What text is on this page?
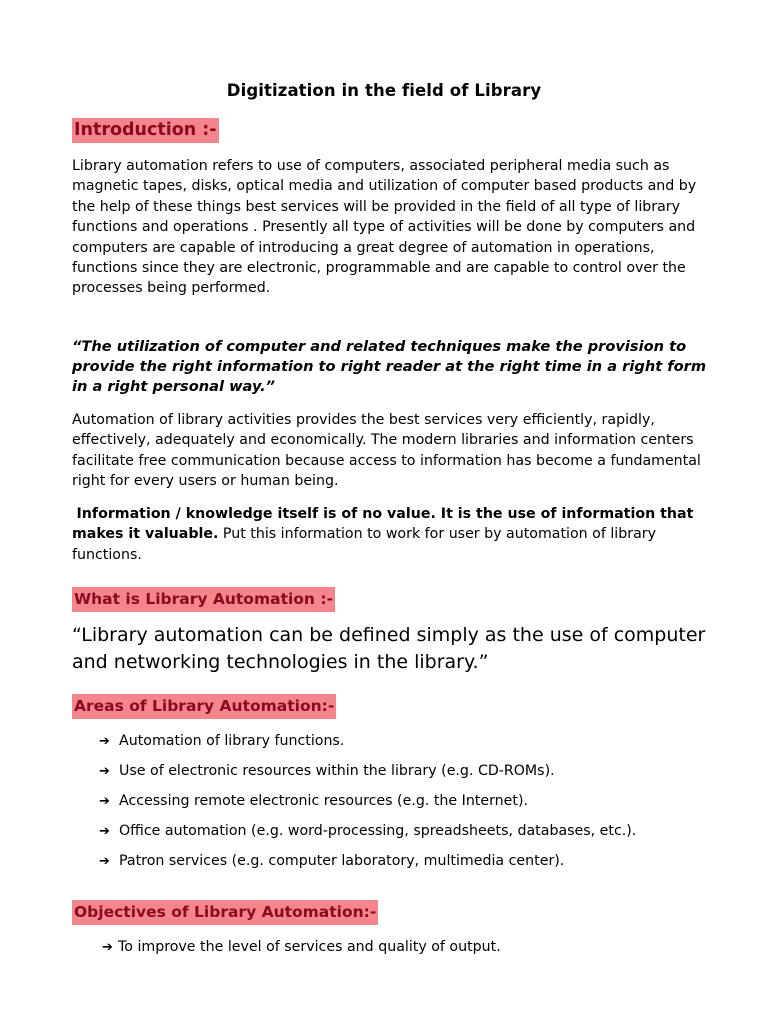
Digitization in the field of Library
Introduction :-

Library automation refers to use of computers, associated peripheral media such as magnetic tapes, disks, optical media and utilization of computer based products and by the help of these things best services will be provided in the field of all type of library functions and operations . Presently all type of activities will be done by computers and computers are capable of introducing a great degree of automation in operations, functions since they are electronic, programmable and are capable to control over the processes being performed.

“The utilization of computer and related techniques make the provision to provide the right information to right reader at the right time in a right form in a right personal way.”

Automation of library activities provides the best services very efficiently, rapidly, effectively, adequately and economically. The modern libraries and information centers facilitate free communication because access to information has become a fundamental right for every users or human being.

Information / knowledge itself is of no value. It is the use of information that makes it valuable. Put this information to work for user by automation of library functions.

What is Library Automation :-

“Library automation can be defined simply as the use of computer and networking technologies in the library.”

Areas of Library Automation:-
➔ Automation of library functions.
➔ Use of electronic resources within the library (e.g. CD-ROMs).
➔ Accessing remote electronic resources (e.g. the Internet).
➔ Office automation (e.g. word-processing, spreadsheets, databases, etc.).
➔ Patron services (e.g. computer laboratory, multimedia center).
Objectives of Library Automation:-
➔ To improve the level of services and quality of output.
